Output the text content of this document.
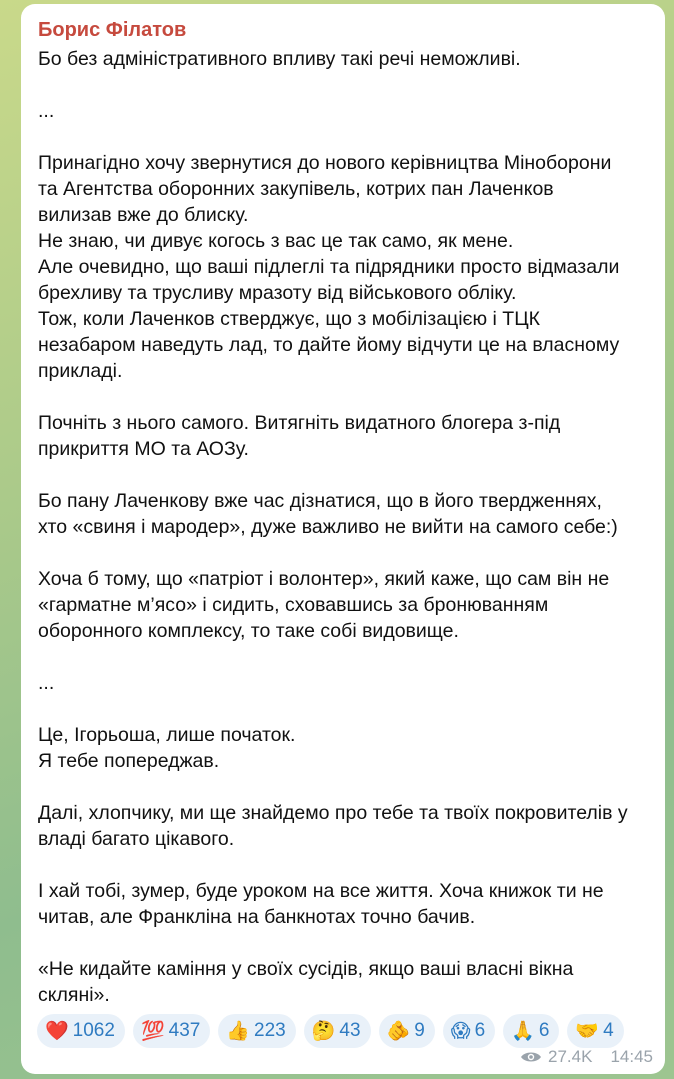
Борис Філатов
Бо без адміністративного впливу такі речі неможливі.
...
Принагідно хочу звернутися до нового керівництва Міноборони
та Агентства оборонних закупівель, котрих пан Лаченков
вилизав вже до блиску.
Не знаю, чи дивує когось з вас це так само, як мене.
Але очевидно, що ваші підлеглі та підрядники просто відмазали
брехливу та трусливу мразоту від військового обліку.
Тож, коли Лаченков стверджує, що з мобілізацією і ТЦК
незабаром наведуть лад, то дайте йому відчути це на власному
прикладі.
Почніть з нього самого. Витягніть видатного блогера з-під
прикриття МО та АОЗу.
Бо пану Лаченкову вже час дізнатися, що в його твердженнях,
хто «свиня і мародер», дуже важливо не вийти на самого себе:)
Хоча б тому, що «патріот і волонтер», який каже, що сам він не
«гарматне м’ясо» і сидить, сховавшись за бронюванням
оборонного комплексу, то таке собі видовище.
...
Це, Ігорьоша, лише початок.
Я тебе попереджав.
Далі, хлопчику, ми ще знайдемо про тебе та твоїх покровителів у
владі багато цікавого.
І хай тобі, зумер, буде уроком на все життя. Хоча книжок ти не
читав, але Франкліна на банкнотах точно бачив.
«Не кидайте каміння у своїх сусідів, якщо ваші власні вікна
скляні».
❤️ 1062 💯 437 👍 223 🤔 43 🫵 9 😱 6 🙏 6 🤝 4
27.4K 14:45
